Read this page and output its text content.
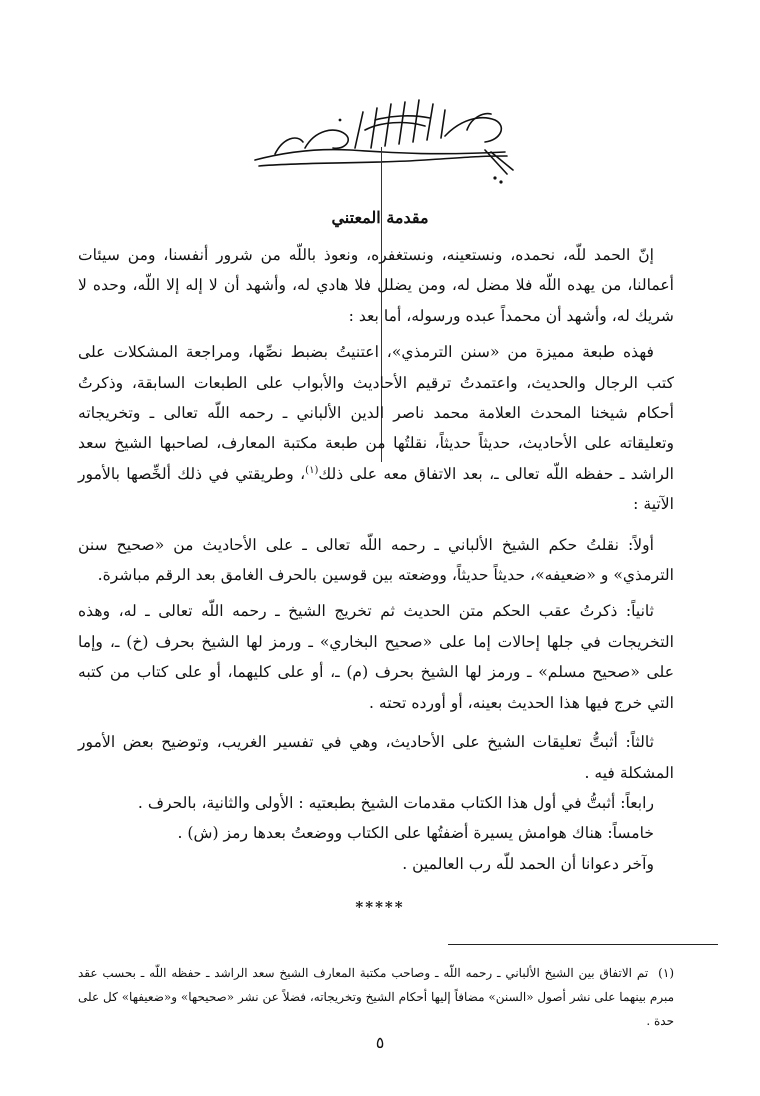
مقدمة المعتني

إنّ الحمد للّه، نحمده، ونستعينه، ونستغفره، ونعوذ باللّه من شرور أنفسنا، ومن سيئات أعمالنا، من يهده اللّه فلا مضل له، ومن يضلل فلا هادي له، وأشهد أن لا إله إلا اللّه، وحده لا شريك له، وأشهد أن محمداً عبده ورسوله، أما بعد :

فهذه طبعة مميزة من «سنن الترمذي»، اعتنيتُ بضبط نصِّها، ومراجعة المشكلات على كتب الرجال والحديث، واعتمدتُ ترقيم الأحاديث والأبواب على الطبعات السابقة، وذكرتُ أحكام شيخنا المحدث العلامة محمد ناصر الدين الألباني ـ رحمه اللّه تعالى ـ وتخريجاته وتعليقاته على الأحاديث، حديثاً حديثاً، نقلتُها من طبعة مكتبة المعارف، لصاحبها الشيخ سعد الراشد ـ حفظه اللّه تعالى ـ، بعد الاتفاق معه على ذلك$^{(١)}$، وطريقتي في ذلك ألخِّصها بالأمور الآتية :

أولاً: نقلتُ حكم الشيخ الألباني ـ رحمه اللّه تعالى ـ على الأحاديث من «صحيح سنن الترمذي» و «ضعيفه»، حديثاً حديثاً، ووضعته بين قوسين بالحرف الغامق بعد الرقم مباشرة.

ثانياً: ذكرتُ عقب الحكم متن الحديث ثم تخريج الشيخ ـ رحمه اللّه تعالى ـ له، وهذه التخريجات في جلها إحالات إما على «صحيح البخاري» ـ ورمز لها الشيخ بحرف (خ) ـ، وإما على «صحيح مسلم» ـ ورمز لها الشيخ بحرف (م) ـ، أو على كليهما، أو على كتاب من كتبه التي خرج فيها هذا الحديث بعينه، أو أورده تحته .

ثالثاً: أثبتُّ تعليقات الشيخ على الأحاديث، وهي في تفسير الغريب، وتوضيح بعض الأمور المشكلة فيه .

رابعاً: أثبتُّ في أول هذا الكتاب مقدمات الشيخ بطبعتيه : الأولى والثانية، بالحرف .

خامساً: هناك هوامش يسيرة أضفتُها على الكتاب ووضعتُ بعدها رمز (ش) .

وآخر دعوانا أن الحمد للّه رب العالمين .

*****
(١)تم الاتفاق بين الشيخ الألباني ـ رحمه اللّه ـ وصاحب مكتبة المعارف الشيخ سعد الراشد ـ حفظه اللّه ـ بحسب عقد مبرم بينهما على نشر أصول «السنن» مضافاً إليها أحكام الشيخ وتخريجاته، فضلاً عن نشر «صحيحها» و«ضعيفها» كل على حدة .
٥
